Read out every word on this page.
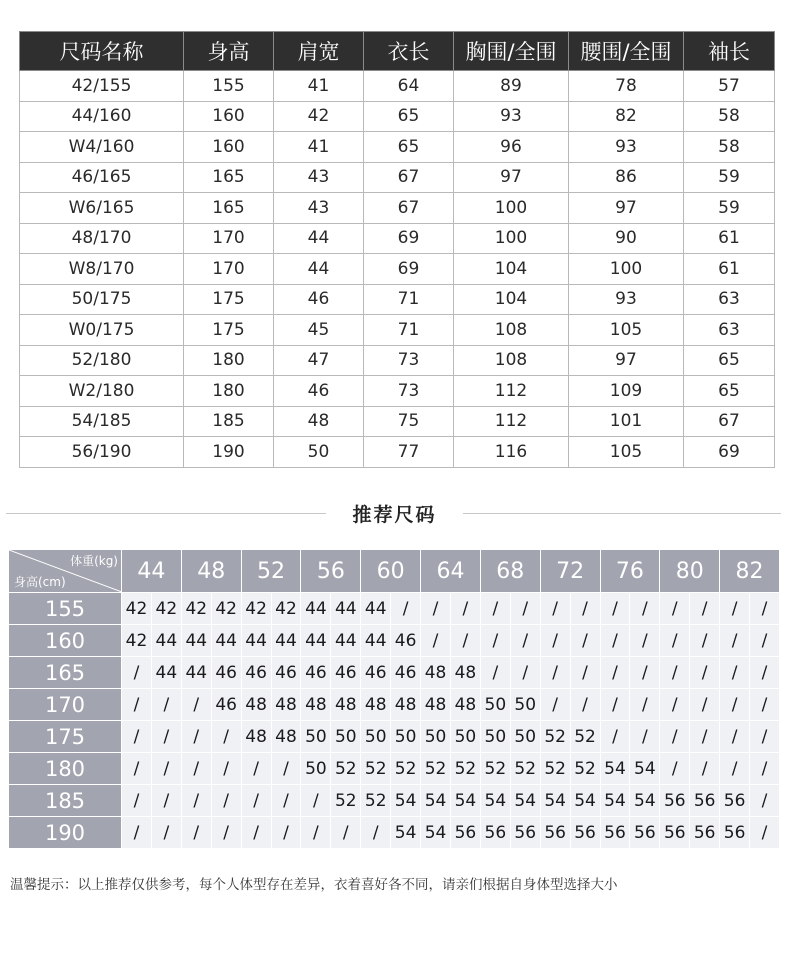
尺码名称	身高	肩宽	衣长	胸围/全围	腰围/全围	袖长
42/155	155	41	64	89	78	57
44/160	160	42	65	93	82	58
W4/160	160	41	65	96	93	58
46/165	165	43	67	97	86	59
W6/165	165	43	67	100	97	59
48/170	170	44	69	100	90	61
W8/170	170	44	69	104	100	61
50/175	175	46	71	104	93	63
W0/175	175	45	71	108	105	63
52/180	180	47	73	108	97	65
W2/180	180	46	73	112	109	65
54/185	185	48	75	112	101	67
56/190	190	50	77	116	105	69
推荐尺码
体重(kg)
身高(cm)	44		48		52		56		60		64		68		72		76		80		82	
155	42	42	42	42	42	42	44	44	44	/	/	/	/	/	/	/	/	/	/	/	/	/
160	42	44	44	44	44	44	44	44	44	46	/	/	/	/	/	/	/	/	/	/	/	/
165	/	44	44	46	46	46	46	46	46	46	48	48	/	/	/	/	/	/	/	/	/	/
170	/	/	/	46	48	48	48	48	48	48	48	48	50	50	/	/	/	/	/	/	/	/
175	/	/	/	/	48	48	50	50	50	50	50	50	50	50	52	52	/	/	/	/	/	/
180	/	/	/	/	/	/	50	52	52	52	52	52	52	52	52	52	54	54	/	/	/	/
185	/	/	/	/	/	/	/	52	52	54	54	54	54	54	54	54	54	54	56	56	56	/
190	/	/	/	/	/	/	/	/	/	54	54	56	56	56	56	56	56	56	56	56	56	/
温馨提示：以上推荐仅供参考，每个人体型存在差异，衣着喜好各不同，请亲们根据自身体型选择大小
